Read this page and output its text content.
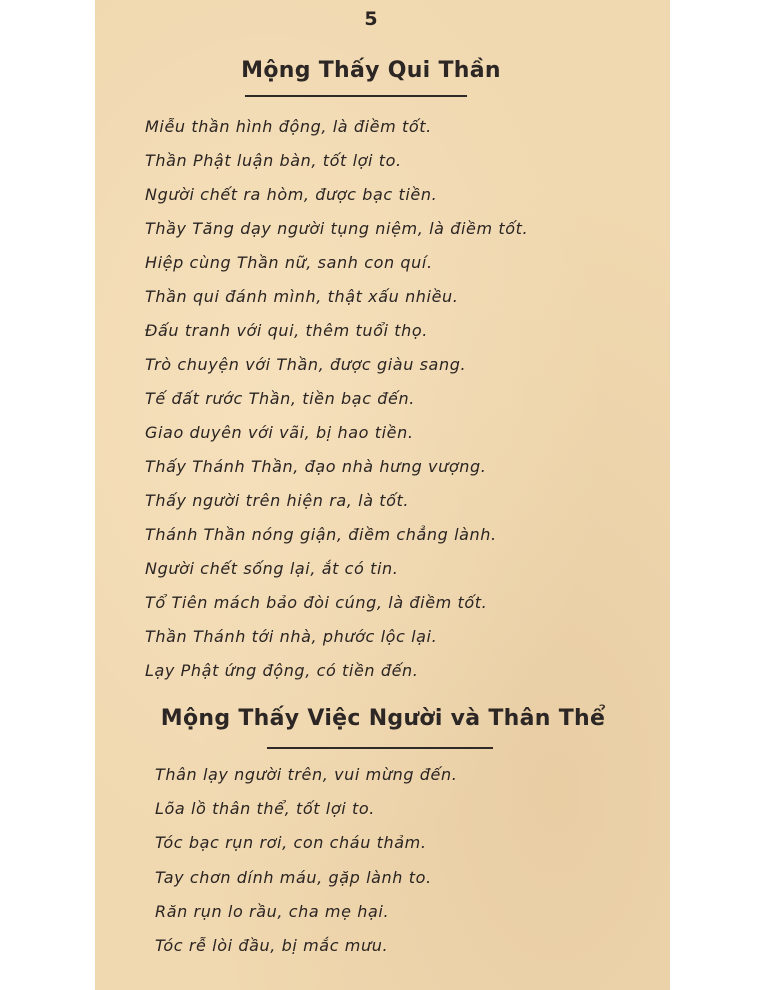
5
Mộng Thấy Qui Thần
Miễu thần hình động, là điềm tốt.
Thần Phật luận bàn, tốt lợi to.
Người chết ra hòm, được bạc tiền.
Thầy Tăng dạy người tụng niệm, là điềm tốt.
Hiệp cùng Thần nữ, sanh con quí.
Thần qui đánh mình, thật xấu nhiều.
Đấu tranh với qui, thêm tuổi thọ.
Trò chuyện với Thần, được giàu sang.
Tế đất rước Thần, tiền bạc đến.
Giao duyên với vãi, bị hao tiền.
Thấy Thánh Thần, đạo nhà hưng vượng.
Thấy người trên hiện ra, là tốt.
Thánh Thần nóng giận, điềm chẳng lành.
Người chết sống lại, ắt có tin.
Tổ Tiên mách bảo đòi cúng, là điềm tốt.
Thần Thánh tới nhà, phước lộc lại.
Lạy Phật ứng động, có tiền đến.
Mộng Thấy Việc Người và Thân Thể
Thân lạy người trên, vui mừng đến.
Lõa lồ thân thể, tốt lợi to.
Tóc bạc rụn rơi, con cháu thảm.
Tay chơn dính máu, gặp lành to.
Răn rụn lo rầu, cha mẹ hại.
Tóc rễ lòi đầu, bị mắc mưu.
